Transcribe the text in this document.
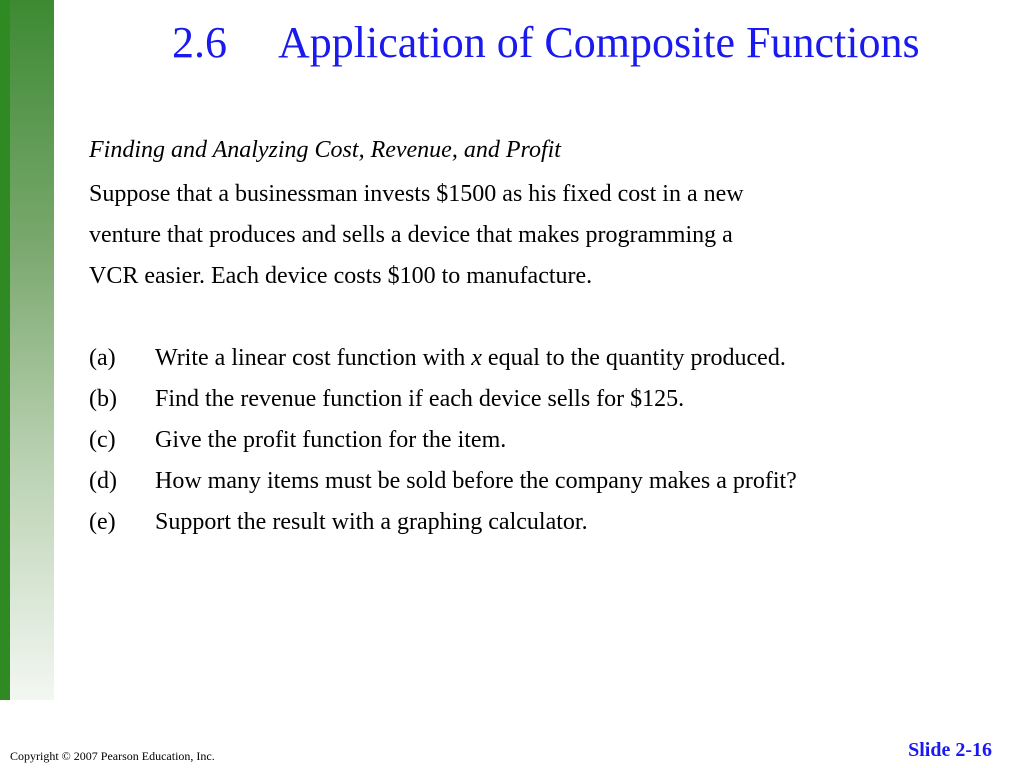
2.6 Application of Composite Functions
Finding and Analyzing Cost, Revenue, and Profit
Suppose that a businessman invests $1500 as his fixed cost in a new
venture that produces and sells a device that makes programming a
VCR easier. Each device costs $100 to manufacture.
(a)	Write a linear cost function with x equal to the quantity produced.
(b)	Find the revenue function if each device sells for $125.
(c)	Give the profit function for the item.
(d)	How many items must be sold before the company makes a profit?
(e)	Support the result with a graphing calculator.
Copyright © 2007 Pearson Education, Inc.	Slide 2-16
